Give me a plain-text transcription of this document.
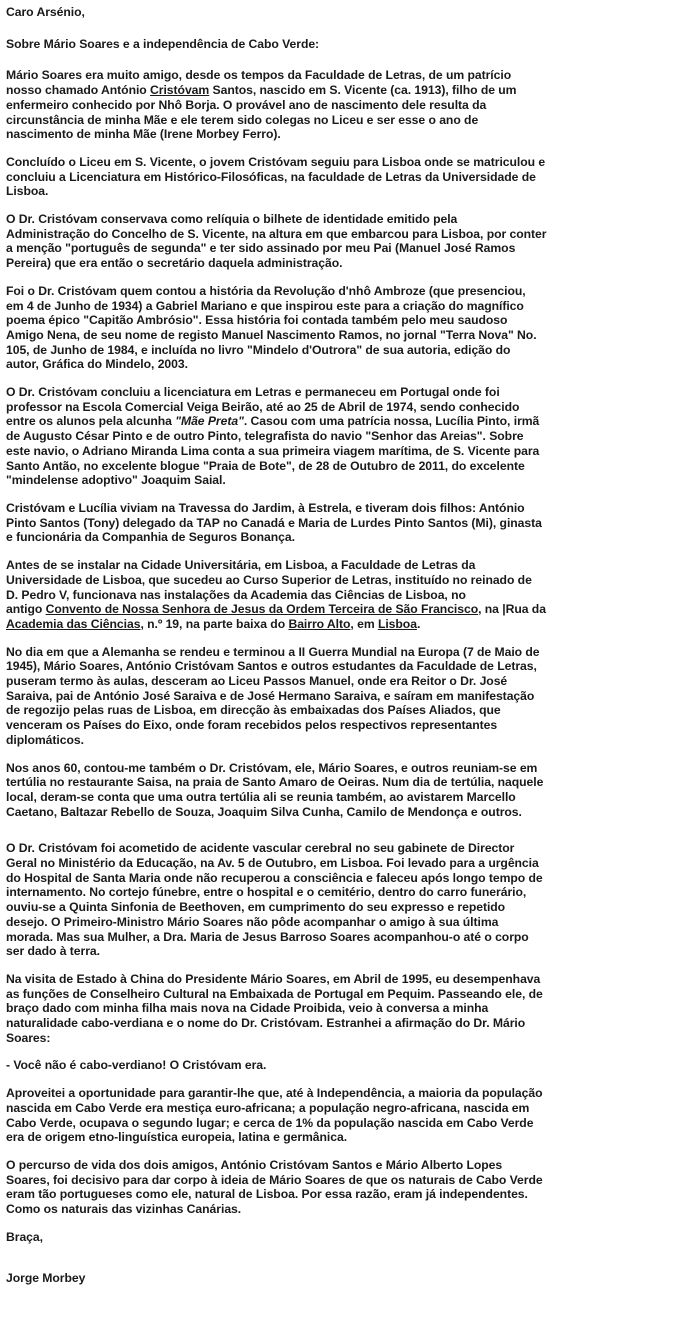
Caro Arsénio,

Sobre Mário Soares e a independência de Cabo Verde:

Mário Soares era muito amigo, desde os tempos da Faculdade de Letras, de um patrício
nosso chamado António Cristóvam Santos, nascido em S. Vicente (ca. 1913), filho de um
enfermeiro conhecido por Nhô Borja. O provável ano de nascimento dele resulta da
circunstância de minha Mãe e ele terem sido colegas no Liceu e ser esse o ano de
nascimento de minha Mãe (Irene Morbey Ferro).

Concluído o Liceu em S. Vicente, o jovem Cristóvam seguiu para Lisboa onde se matriculou e
concluiu a Licenciatura em Histórico-Filosóficas, na faculdade de Letras da Universidade de
Lisboa.

O Dr. Cristóvam conservava como relíquia o bilhete de identidade emitido pela
Administração do Concelho de S. Vicente, na altura em que embarcou para Lisboa, por conter
a menção "português de segunda" e ter sido assinado por meu Pai (Manuel José Ramos
Pereira) que era então o secretário daquela administração.

Foi o Dr. Cristóvam quem contou a história da Revolução d'nhô Ambroze (que presenciou,
em 4 de Junho de 1934) a Gabriel Mariano e que inspirou este para a criação do magnífico
poema épico "Capitão Ambrósio". Essa história foi contada também pelo meu saudoso
Amigo Nena, de seu nome de registo Manuel Nascimento Ramos, no jornal "Terra Nova" No.
105, de Junho de 1984, e incluída no livro "Mindelo d'Outrora" de sua autoria, edição do
autor, Gráfica do Mindelo, 2003.

O Dr. Cristóvam concluiu a licenciatura em Letras e permaneceu em Portugal onde foi
professor na Escola Comercial Veiga Beirão, até ao 25 de Abril de 1974, sendo conhecido
entre os alunos pela alcunha "Mãe Preta". Casou com uma patrícia nossa, Lucília Pinto, irmã
de Augusto César Pinto e de outro Pinto, telegrafista do navio "Senhor das Areias". Sobre
este navio, o Adriano Miranda Lima conta a sua primeira viagem marítima, de S. Vicente para
Santo Antão, no excelente blogue "Praia de Bote", de 28 de Outubro de 2011, do excelente
"mindelense adoptivo" Joaquim Saial.

Cristóvam e Lucília viviam na Travessa do Jardim, à Estrela, e tiveram dois filhos: António
Pinto Santos (Tony) delegado da TAP no Canadá e Maria de Lurdes Pinto Santos (Mi), ginasta
e funcionária da Companhia de Seguros Bonança.

Antes de se instalar na Cidade Universitária, em Lisboa, a Faculdade de Letras da
Universidade de Lisboa, que sucedeu ao Curso Superior de Letras, instituído no reinado de
D. Pedro V, funcionava nas instalações da Academia das Ciências de Lisboa, no
antigo Convento de Nossa Senhora de Jesus da Ordem Terceira de São Francisco, na |Rua da
Academia das Ciências, n.º 19, na parte baixa do Bairro Alto, em Lisboa.

No dia em que a Alemanha se rendeu e terminou a II Guerra Mundial na Europa (7 de Maio de
1945), Mário Soares, António Cristóvam Santos e outros estudantes da Faculdade de Letras,
puseram termo às aulas, desceram ao Liceu Passos Manuel, onde era Reitor o Dr. José
Saraiva, pai de António José Saraiva e de José Hermano Saraiva, e saíram em manifestação
de regozijo pelas ruas de Lisboa, em direcção às embaixadas dos Países Aliados, que
venceram os Países do Eixo, onde foram recebidos pelos respectivos representantes
diplomáticos.

Nos anos 60, contou-me também o Dr. Cristóvam, ele, Mário Soares, e outros reuniam-se em
tertúlia no restaurante Saisa, na praia de Santo Amaro de Oeiras. Num dia de tertúlia, naquele
local, deram-se conta que uma outra tertúlia ali se reunia também, ao avistarem Marcello
Caetano, Baltazar Rebello de Souza, Joaquim Silva Cunha, Camilo de Mendonça e outros.

O Dr. Cristóvam foi acometido de acidente vascular cerebral no seu gabinete de Director
Geral no Ministério da Educação, na Av. 5 de Outubro, em Lisboa. Foi levado para a urgência
do Hospital de Santa Maria onde não recuperou a consciência e faleceu após longo tempo de
internamento. No cortejo fúnebre, entre o hospital e o cemitério, dentro do carro funerário,
ouviu-se a Quinta Sinfonia de Beethoven, em cumprimento do seu expresso e repetido
desejo. O Primeiro-Ministro Mário Soares não pôde acompanhar o amigo à sua última
morada. Mas sua Mulher, a Dra. Maria de Jesus Barroso Soares acompanhou-o até o corpo
ser dado à terra.

Na visita de Estado à China do Presidente Mário Soares, em Abril de 1995, eu desempenhava
as funções de Conselheiro Cultural na Embaixada de Portugal em Pequim. Passeando ele, de
braço dado com minha filha mais nova na Cidade Proibida, veio à conversa a minha
naturalidade cabo-verdiana e o nome do Dr. Cristóvam. Estranhei a afirmação do Dr. Mário
Soares:

- Você não é cabo-verdiano! O Cristóvam era.

Aproveitei a oportunidade para garantir-lhe que, até à Independência, a maioria da população
nascida em Cabo Verde era mestiça euro-africana; a população negro-africana, nascida em
Cabo Verde, ocupava o segundo lugar; e cerca de 1% da população nascida em Cabo Verde
era de origem etno-linguística europeia, latina e germânica.

O percurso de vida dos dois amigos, António Cristóvam Santos e Mário Alberto Lopes
Soares, foi decisivo para dar corpo à ideia de Mário Soares de que os naturais de Cabo Verde
eram tão portugueses como ele, natural de Lisboa. Por essa razão, eram já independentes.
Como os naturais das vizinhas Canárias.

Braça,

Jorge Morbey
